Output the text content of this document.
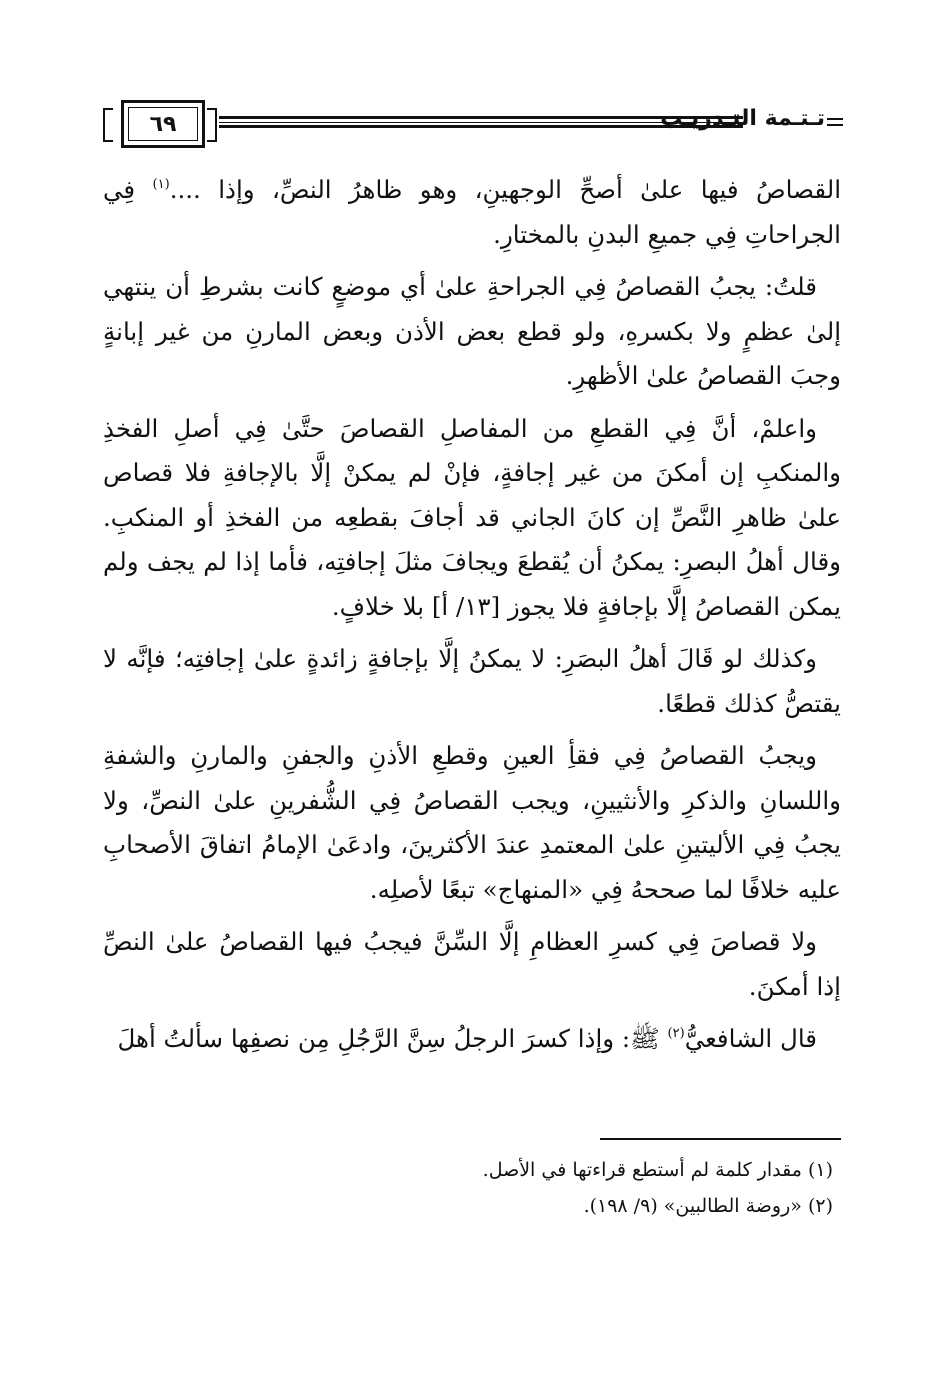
٦٩	تـتـمة التـدريـب

القصاصُ فيها علىٰ أصحِّ الوجهينِ، وهو ظاهرُ النصِّ، وإذا ....$^{(١)}$ فِي الجراحاتِ فِي جميعِ البدنِ بالمختارِ.

قلتُ: يجبُ القصاصُ فِي الجراحةِ علىٰ أي موضعٍ كانت بشرطِ أن ينتهي إلىٰ عظمٍ ولا بكسرهِ، ولو قطع بعض الأذن وبعض المارنِ من غير إبانةٍ وجبَ القصاصُ علىٰ الأظهرِ.

واعلمْ، أنَّ فِي القطعِ من المفاصلِ القصاصَ حتَّىٰ فِي أصلِ الفخذِ والمنكبِ إن أمكنَ من غير إجافةٍ، فإنْ لم يمكنْ إلَّا بالإجافةِ فلا قصاص علىٰ ظاهرِ النَّصِّ إن كانَ الجاني قد أجافَ بقطعِه من الفخذِ أو المنكبِ. وقال أهلُ البصرِ: يمكنُ أن يُقطعَ ويجافَ مثلَ إجافتِه، فأما إذا لم يجف ولم يمكن القصاصُ إلَّا بإجافةٍ فلا يجوز [١٣/ أ] بلا خلافٍ.

وكذلك لو قَالَ أهلُ البصَرِ: لا يمكنُ إلَّا بإجافةٍ زائدةٍ علىٰ إجافتِه؛ فإنَّه لا يقتصُّ كذلك قطعًا.

ويجبُ القصاصُ فِي فقأِ العينِ وقطعِ الأذنِ والجفنِ والمارنِ والشفةِ واللسانِ والذكرِ والأنثيينِ، ويجب القصاصُ فِي الشُّفرينِ علىٰ النصِّ، ولا يجبُ فِي الأليتينِ علىٰ المعتمدِ عندَ الأكثرينَ، وادعَىٰ الإمامُ اتفاقَ الأصحابِ عليه خلافًا لما صححهُ فِي «المنهاج» تبعًا لأصلِه.

ولا قصاصَ فِي كسرِ العظامِ إلَّا السِّنَّ فيجبُ فيها القصاصُ علىٰ النصِّ إذا أمكنَ.

قال الشافعيُّ$^{(٢)}$ ﷺ: وإذا كسرَ الرجلُ سِنَّ الرَّجُلِ مِن نصفِها سألتُ أهلَ

(١) مقدار كلمة لم أستطع قراءتها في الأصل.

(٢) «روضة الطالبين» (٩/ ١٩٨).
